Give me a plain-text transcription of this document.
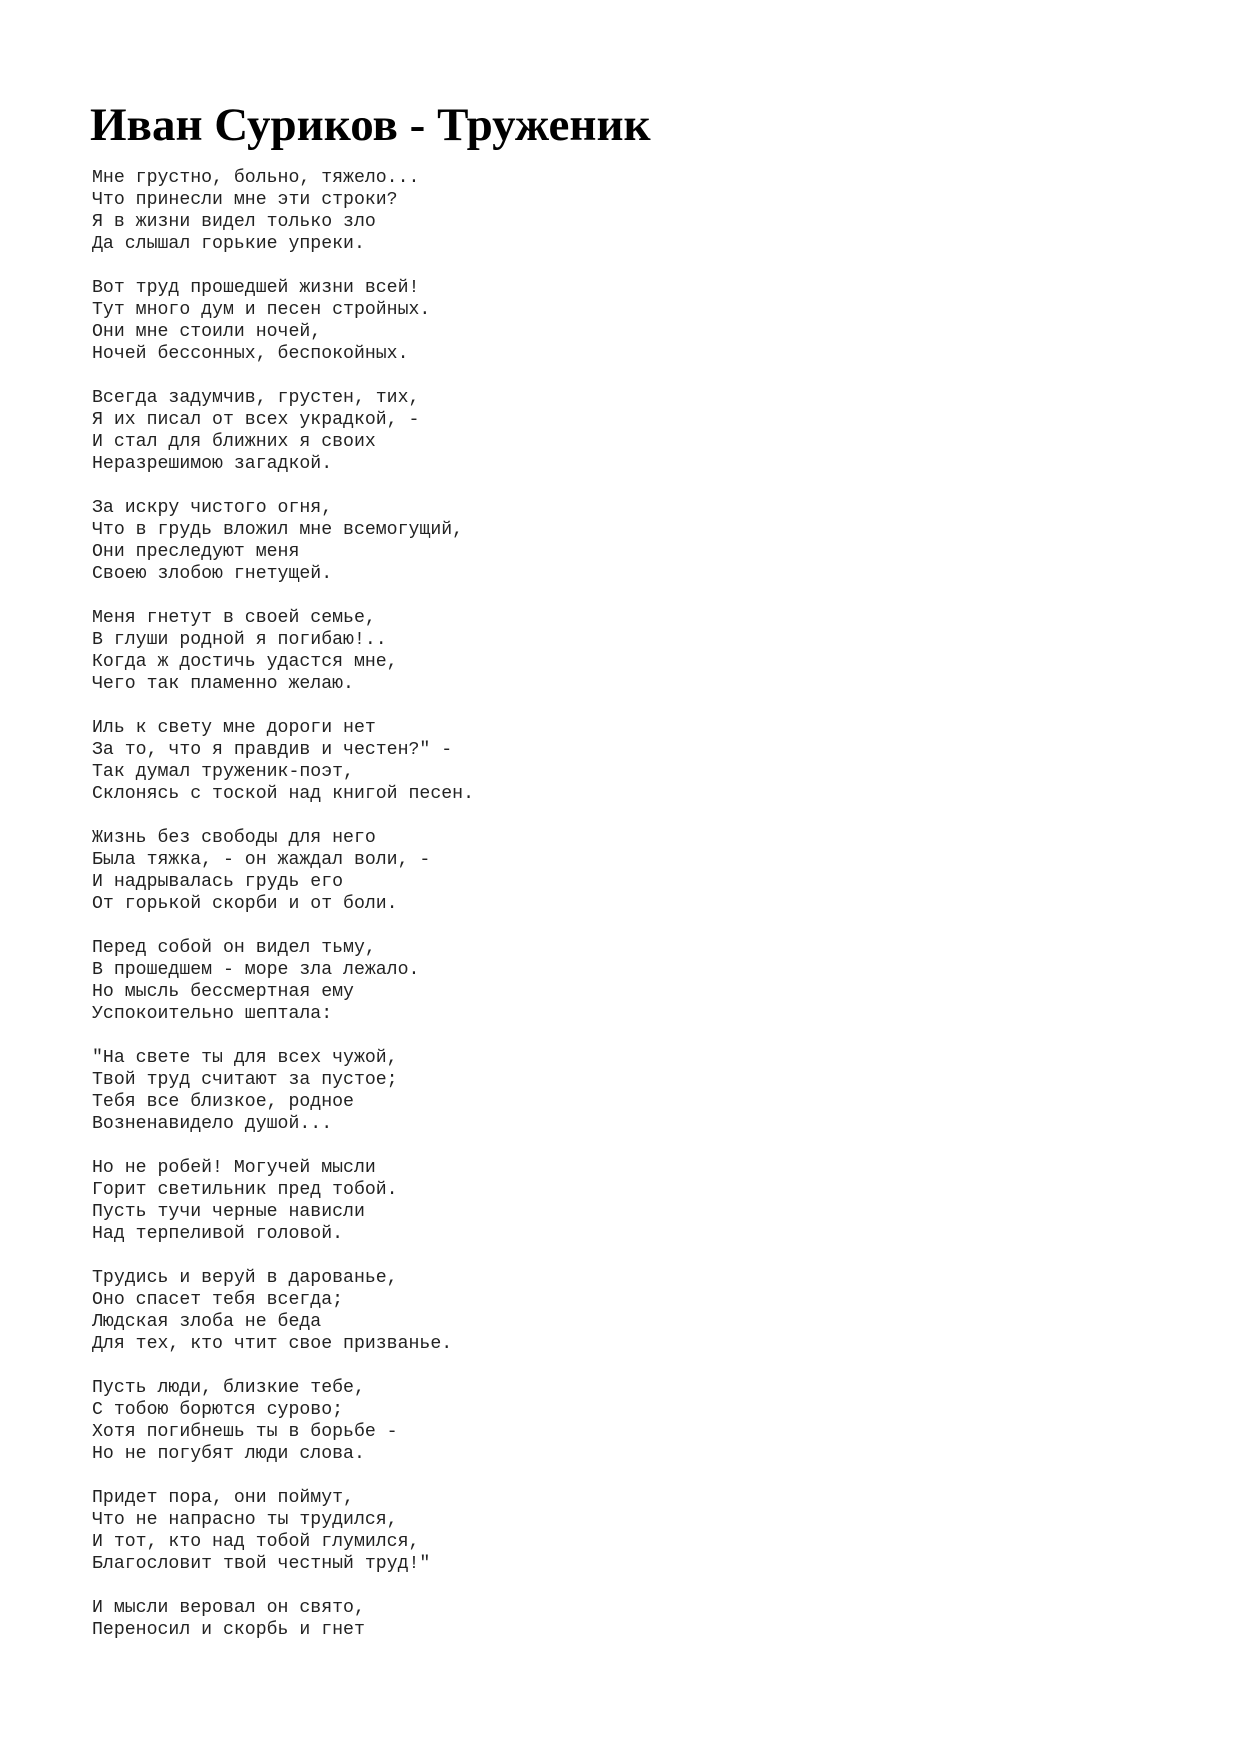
Иван Суриков - Труженик
Мне грустно, больно, тяжело...
Что принесли мне эти строки?
Я в жизни видел только зло
Да слышал горькие упреки.
Вот труд прошедшей жизни всей!
Тут много дум и песен стройных.
Они мне стоили ночей,
Ночей бессонных, беспокойных.
Всегда задумчив, грустен, тих,
Я их писал от всех украдкой, -
И стал для ближних я своих
Неразрешимою загадкой.
За искру чистого огня,
Что в грудь вложил мне всемогущий,
Они преследуют меня
Своею злобою гнетущей.
Меня гнетут в своей семье,
В глуши родной я погибаю!..
Когда ж достичь удастся мне,
Чего так пламенно желаю.
Иль к свету мне дороги нет
За то, что я правдив и честен?" -
Так думал труженик-поэт,
Склонясь с тоской над книгой песен.
Жизнь без свободы для него
Была тяжка, - он жаждал воли, -
И надрывалась грудь его
От горькой скорби и от боли.
Перед собой он видел тьму,
В прошедшем - море зла лежало.
Но мысль бессмертная ему
Успокоительно шептала:
"На свете ты для всех чужой,
Твой труд считают за пустое;
Тебя все близкое, родное
Возненавидело душой...
Но не робей! Могучей мысли
Горит светильник пред тобой.
Пусть тучи черные нависли
Над терпеливой головой.
Трудись и веруй в дарованье,
Оно спасет тебя всегда;
Людская злоба не беда
Для тех, кто чтит свое призванье.
Пусть люди, близкие тебе,
С тобою борются сурово;
Хотя погибнешь ты в борьбе -
Но не погубят люди слова.
Придет пора, они поймут,
Что не напрасно ты трудился,
И тот, кто над тобой глумился,
Благословит твой честный труд!"
И мысли веровал он свято,
Переносил и скорбь и гнет
